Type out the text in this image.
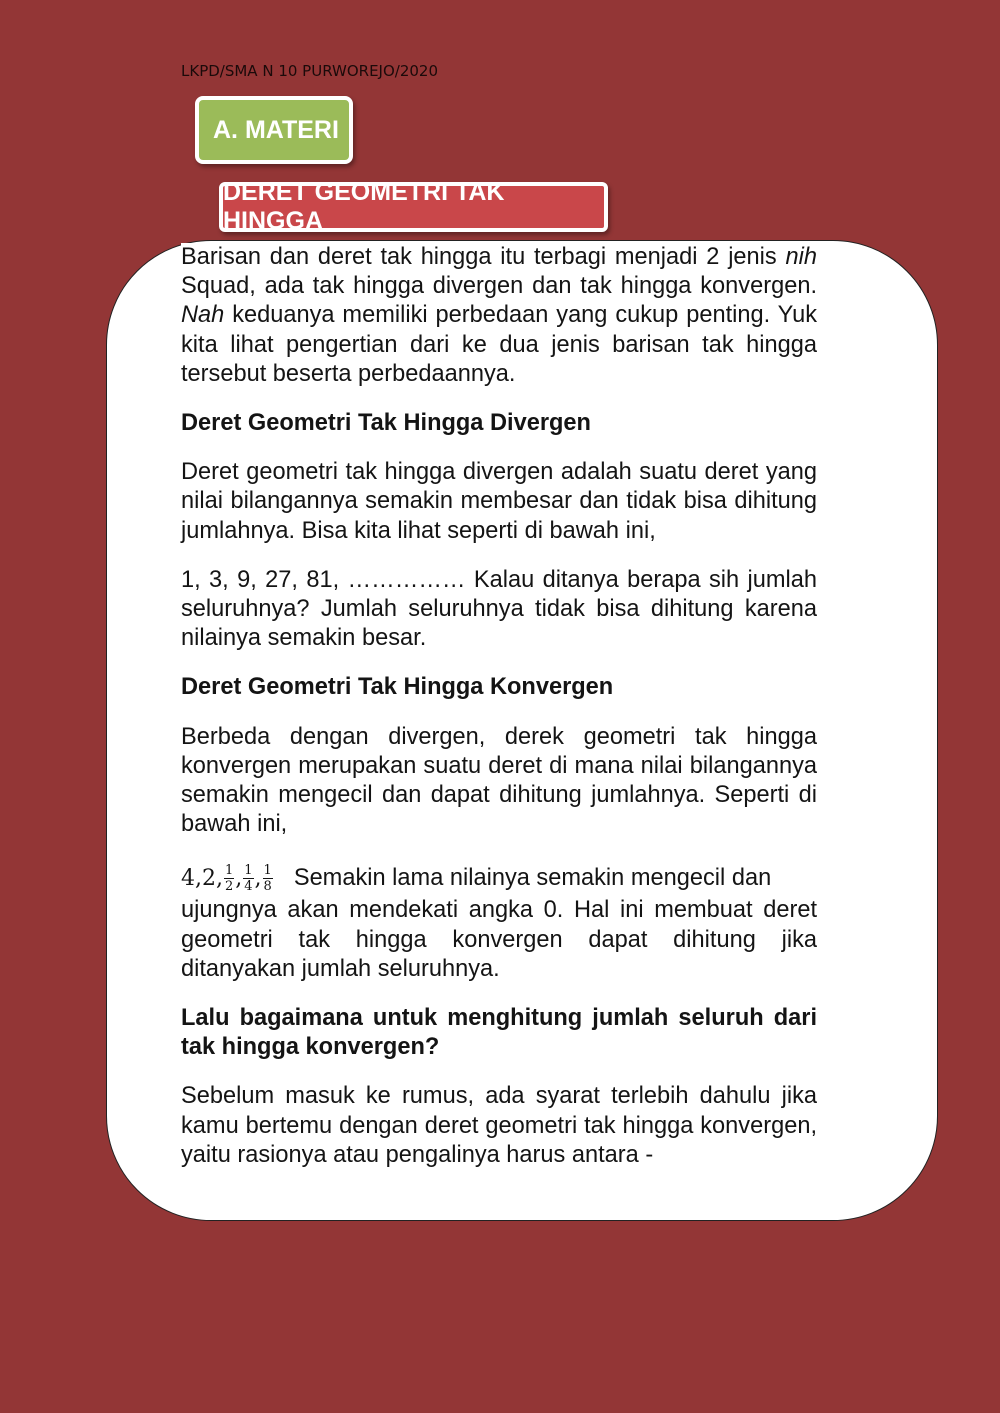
LKPD/SMA N 10 PURWOREJO/2020
A. MATERI
DERET GEOMETRI TAK HINGGA

Barisan dan deret tak hingga itu terbagi menjadi 2 jenis nih Squad, ada tak hingga divergen dan tak hingga konvergen. Nah keduanya memiliki perbedaan yang cukup penting. Yuk kita lihat pengertian dari ke dua jenis barisan tak hingga tersebut beserta perbedaannya.

Deret Geometri Tak Hingga Divergen

Deret geometri tak hingga divergen adalah suatu deret yang nilai bilangannya semakin membesar dan tidak bisa dihitung jumlahnya. Bisa kita lihat seperti di bawah ini,

1, 3, 9, 27, 81, …………… Kalau ditanya berapa sih jumlah seluruhnya? Jumlah seluruhnya tidak bisa dihitung karena nilainya semakin besar.

Deret Geometri Tak Hingga Konvergen

Berbeda dengan divergen, derek geometri tak hingga konvergen merupakan suatu deret di mana nilai bilangannya semakin mengecil dan dapat dihitung jumlahnya. Seperti di bawah ini,

4,2, $\frac{1}{2}$ , $\frac{1}{4}$ , $\frac{1}{8}$ Semakin lama nilainya semakin mengecil dan

ujungnya akan mendekati angka 0. Hal ini membuat deret geometri tak hingga konvergen dapat dihitung jika ditanyakan jumlah seluruhnya.

Lalu bagaimana untuk menghitung jumlah seluruh dari tak hingga konvergen?

Sebelum masuk ke rumus, ada syarat terlebih dahulu jika kamu bertemu dengan deret geometri tak hingga konvergen, yaitu rasionya atau pengalinya harus antara -
